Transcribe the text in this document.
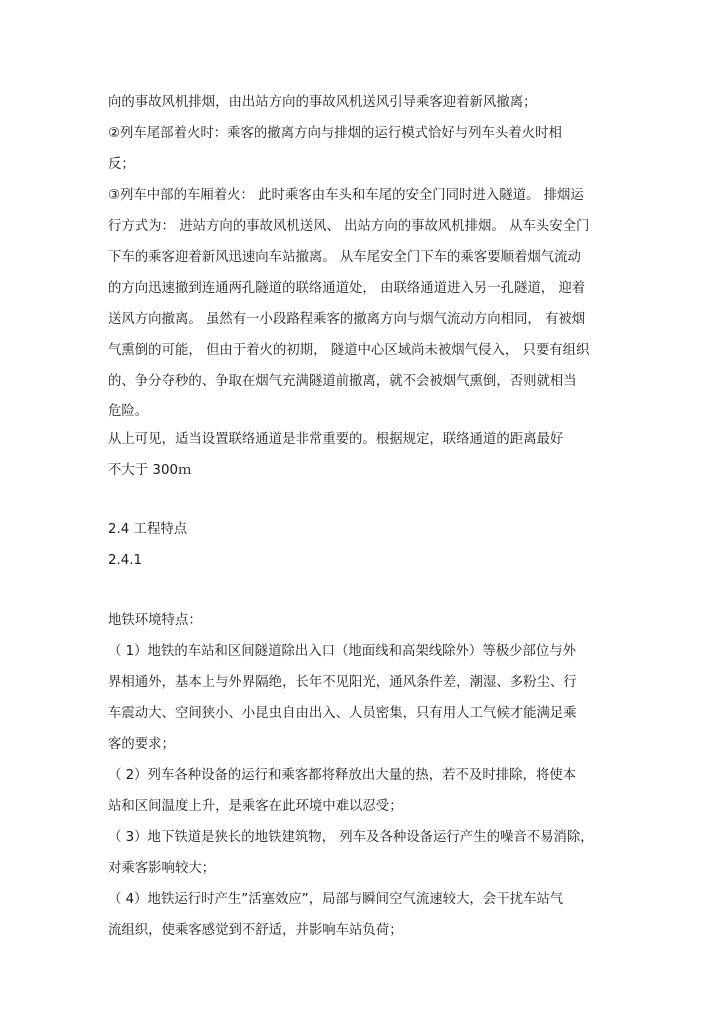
向的事故风机排烟，由出站方向的事故风机送风引导乘客迎着新风撤离；
②列车尾部着火时：乘客的撤离方向与排烟的运行模式恰好与列车头着火时相
反；
③列车中部的车厢着火： 此时乘客由车头和车尾的安全门同时进入隧道。 排烟运
行方式为： 进站方向的事故风机送风、 出站方向的事故风机排烟。 从车头安全门
下车的乘客迎着新风迅速向车站撤离。 从车尾安全门下车的乘客要顺着烟气流动
的方向迅速撤到连通两孔隧道的联络通道处， 由联络通道进入另一孔隧道， 迎着
送风方向撤离。 虽然有一小段路程乘客的撤离方向与烟气流动方向相同， 有被烟
气熏倒的可能， 但由于着火的初期， 隧道中心区域尚未被烟气侵入， 只要有组织
的、争分夺秒的、争取在烟气充满隧道前撤离，就不会被烟气熏倒，否则就相当
危险。
从上可见，适当设置联络通道是非常重要的。根据规定，联络通道的距离最好
不大于 300ｍ
2.4 工程特点
2.4.1
地铁环境特点：
（ 1）地铁的车站和区间隧道除出入口（地面线和高架线除外）等极少部位与外
界相通外，基本上与外界隔绝，长年不见阳光，通风条件差，潮湿、多粉尘、行
车震动大、空间狭小、小昆虫自由出入、人员密集，只有用人工气候才能满足乘
客的要求；
（ 2）列车各种设备的运行和乘客都将释放出大量的热，若不及时排除，将使本
站和区间温度上升，是乘客在此环境中难以忍受；
（ 3）地下铁道是狭长的地铁建筑物， 列车及各种设备运行产生的噪音不易消除，
对乘客影响较大；
（ 4）地铁运行时产生”活塞效应”，局部与瞬间空气流速较大，会干扰车站气
流组织，使乘客感觉到不舒适，并影响车站负荷；
